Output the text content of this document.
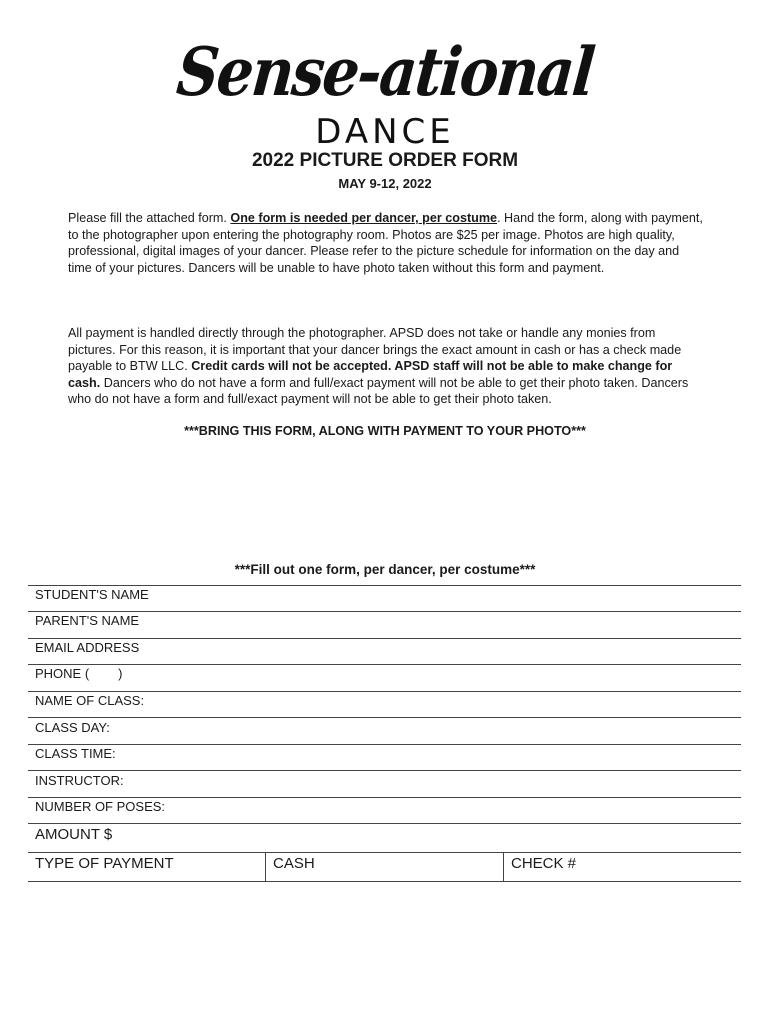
Sense-ational
DANCE
2022 PICTURE ORDER FORM
MAY 9-12, 2022
Please fill the attached form. One form is needed per dancer, per costume. Hand the form, along with payment, to the photographer upon entering the photography room. Photos are $25 per image. Photos are high quality, professional, digital images of your dancer. Please refer to the picture schedule for information on the day and time of your pictures. Dancers will be unable to have photo taken without this form and payment.
All payment is handled directly through the photographer. APSD does not take or handle any monies from pictures. For this reason, it is important that your dancer brings the exact amount in cash or has a check made payable to BTW LLC. Credit cards will not be accepted. APSD staff will not be able to make change for cash. Dancers who do not have a form and full/exact payment will not be able to get their photo taken. Dancers who do not have a form and full/exact payment will not be able to get their photo taken.
***BRING THIS FORM, ALONG WITH PAYMENT TO YOUR PHOTO***
***Fill out one form, per dancer, per costume***
STUDENT'S NAME
PARENT'S NAME
EMAIL ADDRESS
PHONE (        )
NAME OF CLASS:
CLASS DAY:
CLASS TIME:
INSTRUCTOR:
NUMBER OF POSES:
AMOUNT $
TYPE OF PAYMENT	CASH	CHECK #
